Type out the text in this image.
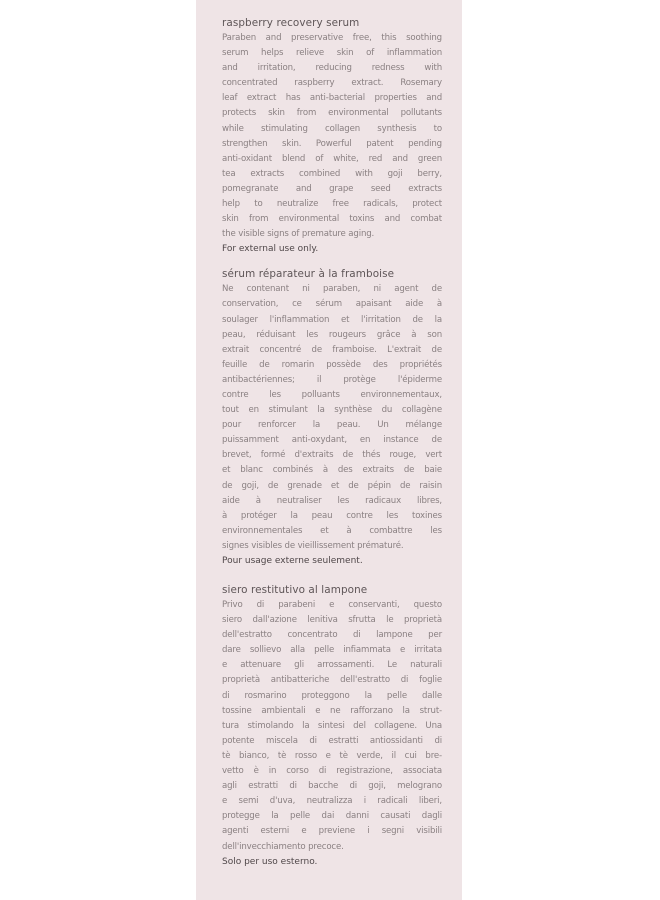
raspberry recovery serum

Paraben and preservative free, this soothing
serum helps relieve skin of inflammation
and irritation, reducing redness with
concentrated raspberry extract. Rosemary
leaf extract has anti-bacterial properties and
protects skin from environmental pollutants
while stimulating collagen synthesis to
strengthen skin. Powerful patent pending
anti-oxidant blend of white, red and green
tea extracts combined with goji berry,
pomegranate and grape seed extracts
help to neutralize free radicals, protect
skin from environmental toxins and combat
the visible signs of premature aging.

For external use only.

sérum réparateur à la framboise

Ne contenant ni paraben, ni agent de
conservation, ce sérum apaisant aide à
soulager l'inflammation et l'irritation de la
peau, réduisant les rougeurs grâce à son
extrait concentré de framboise. L'extrait de
feuille de romarin possède des propriétés
antibactériennes; il protège l'épiderme
contre les polluants environnementaux,
tout en stimulant la synthèse du collagène
pour renforcer la peau. Un mélange
puissamment anti-oxydant, en instance de
brevet, formé d'extraits de thés rouge, vert
et blanc combinés à des extraits de baie
de goji, de grenade et de pépin de raisin
aide à neutraliser les radicaux libres,
à protéger la peau contre les toxines
environnementales et à combattre les
signes visibles de vieillissement prématuré.

Pour usage externe seulement.

siero restitutivo al lampone

Privo di parabeni e conservanti, questo
siero dall'azione lenitiva sfrutta le proprietà
dell'estratto concentrato di lampone per
dare sollievo alla pelle infiammata e irritata
e attenuare gli arrossamenti. Le naturali
proprietà antibatteriche dell'estratto di foglie
di rosmarino proteggono la pelle dalle
tossine ambientali e ne rafforzano la strut-
tura stimolando la sintesi del collagene. Una
potente miscela di estratti antiossidanti di
tè bianco, tè rosso e tè verde, il cui bre-
vetto è in corso di registrazione, associata
agli estratti di bacche di goji, melograno
e semi d'uva, neutralizza i radicali liberi,
protegge la pelle dai danni causati dagli
agenti esterni e previene i segni visibili
dell'invecchiamento precoce.

Solo per uso esterno.
